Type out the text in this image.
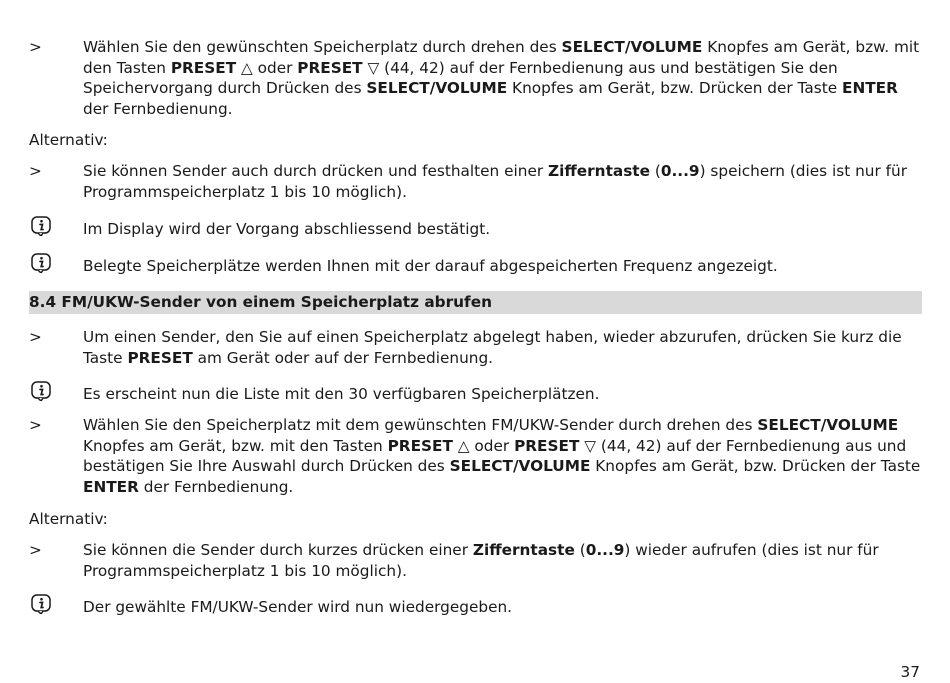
>	Wählen Sie den gewünschten Speicherplatz durch drehen des SELECT/VOLUME Knopfes am Gerät, bzw. mit den Tasten PRESET △ oder PRESET ▽ (44, 42) auf der Fernbedienung aus und bestätigen Sie den Speichervorgang durch Drücken des SELECT/VOLUME Knopfes am Gerät, bzw. Drücken der Taste ENTER der Fernbedienung.
Alternativ:
>	Sie können Sender auch durch drücken und festhalten einer Zifferntaste (0...9) speichern (dies ist nur für Programmspeicherplatz 1 bis 10 möglich).
Im Display wird der Vorgang abschliessend bestätigt.
Belegte Speicherplätze werden Ihnen mit der darauf abgespeicherten Frequenz angezeigt.
8.4 FM/UKW-Sender von einem Speicherplatz abrufen
>	Um einen Sender, den Sie auf einen Speicherplatz abgelegt haben, wieder abzurufen, drücken Sie kurz die Taste PRESET am Gerät oder auf der Fernbedienung.
Es erscheint nun die Liste mit den 30 verfügbaren Speicherplätzen.
>	Wählen Sie den Speicherplatz mit dem gewünschten FM/UKW-Sender durch drehen des SELECT/VOLUME Knopfes am Gerät, bzw. mit den Tasten PRESET △ oder PRESET ▽ (44, 42) auf der Fernbedienung aus und bestätigen Sie Ihre Auswahl durch Drücken des SELECT/VOLUME Knopfes am Gerät, bzw. Drücken der Taste ENTER der Fernbedienung.
Alternativ:
>	Sie können die Sender durch kurzes drücken einer Zifferntaste (0...9) wieder aufrufen (dies ist nur für Programmspeicherplatz 1 bis 10 möglich).
Der gewählte FM/UKW-Sender wird nun wiedergegeben.
37
